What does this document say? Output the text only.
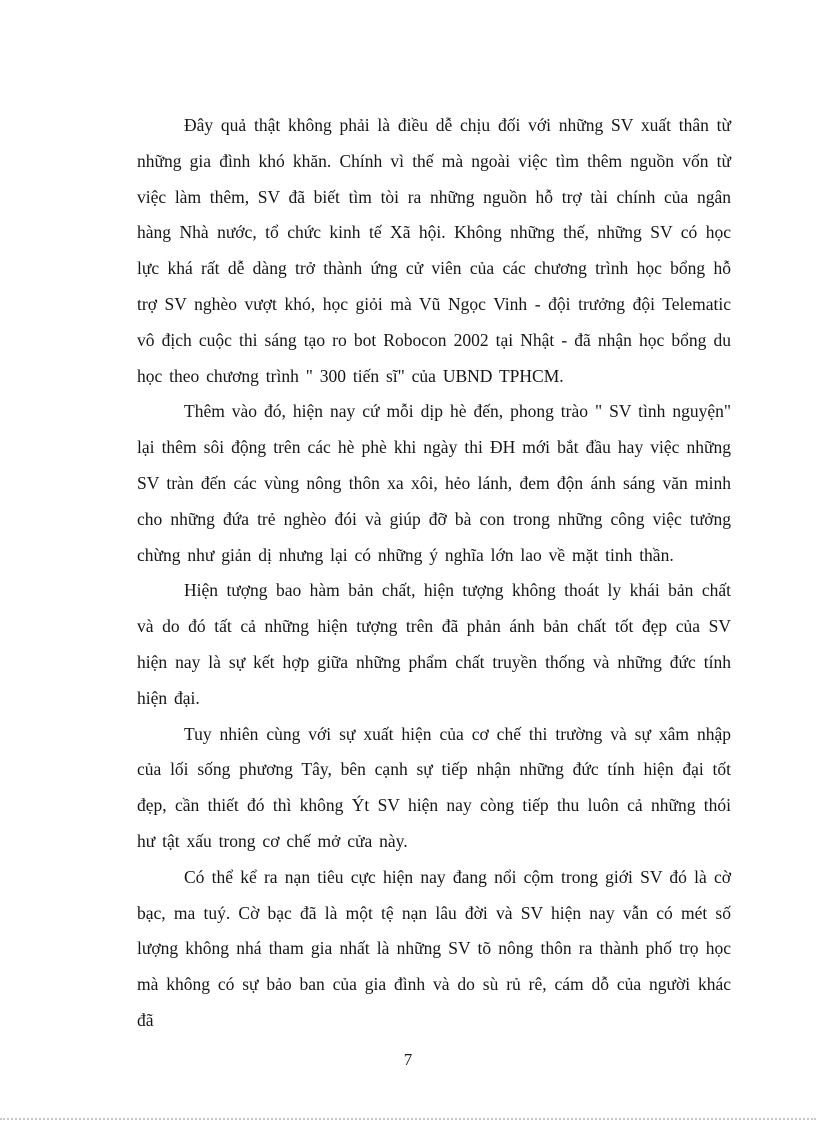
Đây quả thật không phải là điều dễ chịu đối với những SV xuất thân từ những gia đình khó khăn. Chính vì thế mà ngoài việc tìm thêm nguồn vốn từ việc làm thêm, SV đã biết tìm tòi ra những nguồn hỗ trợ tài chính của ngân hàng Nhà nước, tổ chức kinh tế Xã hội. Không những thế, những SV có học lực khá rất dễ dàng trở thành ứng cử viên của các chương trình học bổng hỗ trợ SV nghèo vượt khó, học giỏi mà Vũ Ngọc Vinh - đội trưởng đội Telematic vô địch cuộc thi sáng tạo ro bot Robocon 2002 tại Nhật - đã nhận học bổng du học theo chương trình " 300 tiến sĩ" của UBND TPHCM.

Thêm vào đó, hiện nay cứ mỗi dịp hè đến, phong trào " SV tình nguyện" lại thêm sôi động trên các hè phè khi ngày thi ĐH mới bắt đầu hay việc những SV tràn đến các vùng nông thôn xa xôi, hẻo lánh, đem độn ánh sáng văn minh cho những đứa trẻ nghèo đói và giúp đỡ bà con trong những công việc tưởng chừng như giản dị nhưng lại có những ý nghĩa lớn lao về mặt tinh thần.

Hiện tượng bao hàm bản chất, hiện tượng không thoát ly khái bản chất và do đó tất cả những hiện tượng trên đã phản ánh bản chất tốt đẹp của SV hiện nay là sự kết hợp giữa những phẩm chất truyền thống và những đức tính hiện đại.

Tuy nhiên cùng với sự xuất hiện của cơ chế thi trường và sự xâm nhập của lối sống phương Tây, bên cạnh sự tiếp nhận những đức tính hiện đại tốt đẹp, cần thiết đó thì không Ýt SV hiện nay còng tiếp thu luôn cả những thói hư tật xấu trong cơ chế mở cửa này.

Có thể kể ra nạn tiêu cực hiện nay đang nổi cộm trong giới SV đó là cờ bạc, ma tuý. Cờ bạc đã là một tệ nạn lâu đời và SV hiện nay vẫn có mét số lượng không nhá tham gia nhất là những SV tõ nông thôn ra thành phố trọ học mà không có sự bảo ban của gia đình và do sù rủ rê, cám dỗ của người khác đã

7
